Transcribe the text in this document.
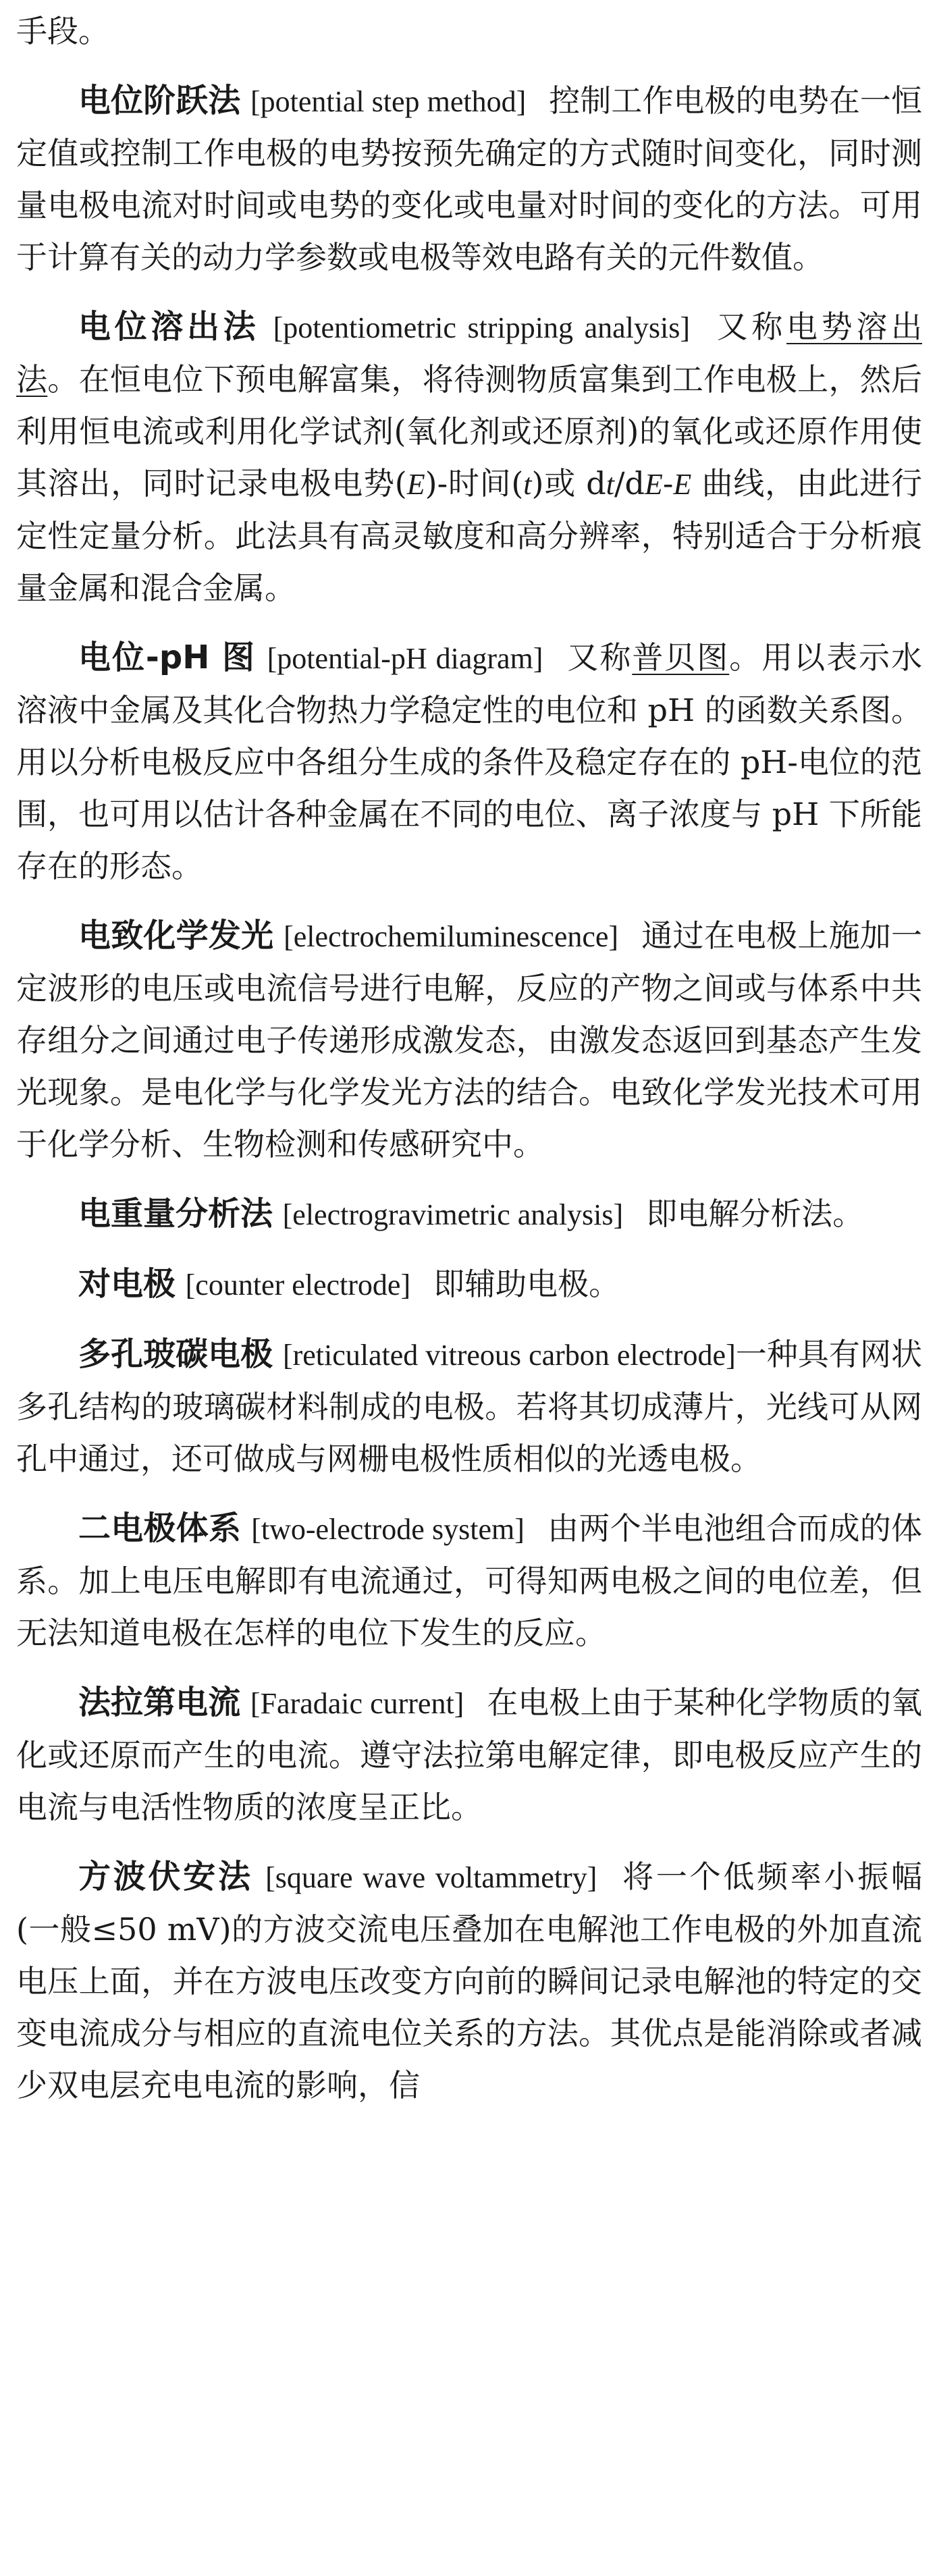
手段。

电位阶跃法 [potential step method] 控制工作电极的电势在一恒定值或控制工作电极的电势按预先确定的方式随时间变化，同时测量电极电流对时间或电势的变化或电量对时间的变化的方法。可用于计算有关的动力学参数或电极等效电路有关的元件数值。

电位溶出法 [potentiometric stripping analysis] 又称电势溶出法。在恒电位下预电解富集，将待测物质富集到工作电极上，然后利用恒电流或利用化学试剂(氧化剂或还原剂)的氧化或还原作用使其溶出，同时记录电极电势(E)-时间(t)或 dt/dE-E 曲线，由此进行定性定量分析。此法具有高灵敏度和高分辨率，特别适合于分析痕量金属和混合金属。

电位-pH 图 [potential-pH diagram] 又称普贝图。用以表示水溶液中金属及其化合物热力学稳定性的电位和 pH 的函数关系图。用以分析电极反应中各组分生成的条件及稳定存在的 pH-电位的范围，也可用以估计各种金属在不同的电位、离子浓度与 pH 下所能存在的形态。

电致化学发光 [electrochemiluminescence] 通过在电极上施加一定波形的电压或电流信号进行电解，反应的产物之间或与体系中共存组分之间通过电子传递形成激发态，由激发态返回到基态产生发光现象。是电化学与化学发光方法的结合。电致化学发光技术可用于化学分析、生物检测和传感研究中。

电重量分析法 [electrogravimetric analysis] 即电解分析法。

对电极 [counter electrode] 即辅助电极。

多孔玻碳电极 [reticulated vitreous carbon electrode]一种具有网状多孔结构的玻璃碳材料制成的电极。若将其切成薄片，光线可从网孔中通过，还可做成与网栅电极性质相似的光透电极。

二电极体系 [two-electrode system] 由两个半电池组合而成的体系。加上电压电解即有电流通过，可得知两电极之间的电位差，但无法知道电极在怎样的电位下发生的反应。

法拉第电流 [Faradaic current] 在电极上由于某种化学物质的氧化或还原而产生的电流。遵守法拉第电解定律，即电极反应产生的电流与电活性物质的浓度呈正比。

方波伏安法 [square wave voltammetry] 将一个低频率小振幅(一般≤50 mV)的方波交流电压叠加在电解池工作电极的外加直流电压上面，并在方波电压改变方向前的瞬间记录电解池的特定的交变电流成分与相应的直流电位关系的方法。其优点是能消除或者减少双电层充电电流的影响，信
